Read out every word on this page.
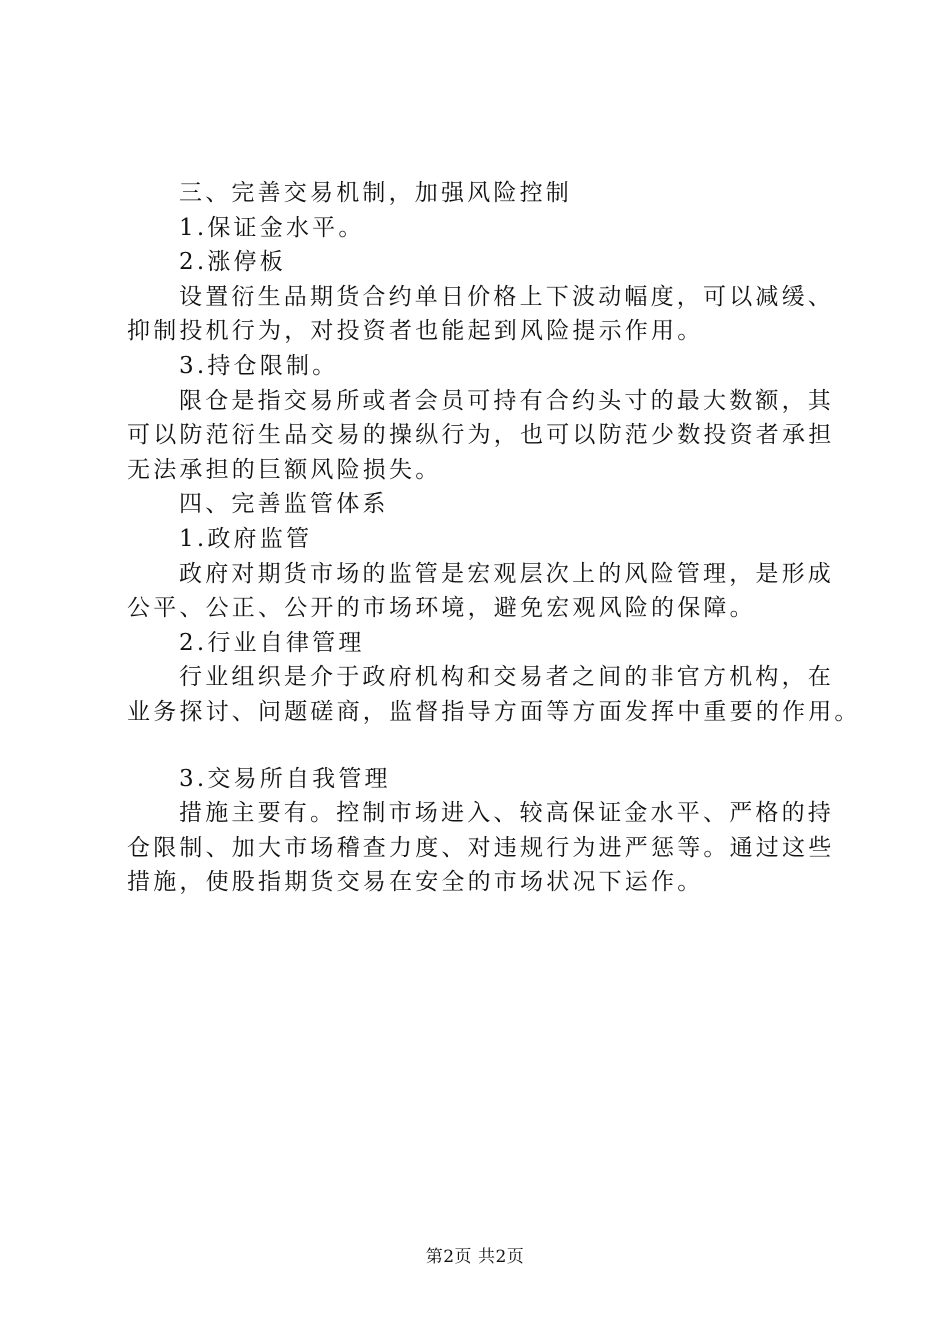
三、完善交易机制，加强风险控制
1.保证金水平。
2.涨停板
设置衍生品期货合约单日价格上下波动幅度，可以减缓、
抑制投机行为，对投资者也能起到风险提示作用。
3.持仓限制。
限仓是指交易所或者会员可持有合约头寸的最大数额，其
可以防范衍生品交易的操纵行为，也可以防范少数投资者承担
无法承担的巨额风险损失。
四、完善监管体系
1.政府监管
政府对期货市场的监管是宏观层次上的风险管理，是形成
公平、公正、公开的市场环境，避免宏观风险的保障。
2.行业自律管理
行业组织是介于政府机构和交易者之间的非官方机构，在
业务探讨、问题磋商，监督指导方面等方面发挥中重要的作用。
3.交易所自我管理
措施主要有。控制市场进入、较高保证金水平、严格的持
仓限制、加大市场稽查力度、对违规行为进严惩等。通过这些
措施，使股指期货交易在安全的市场状况下运作。
第2页 共2页
